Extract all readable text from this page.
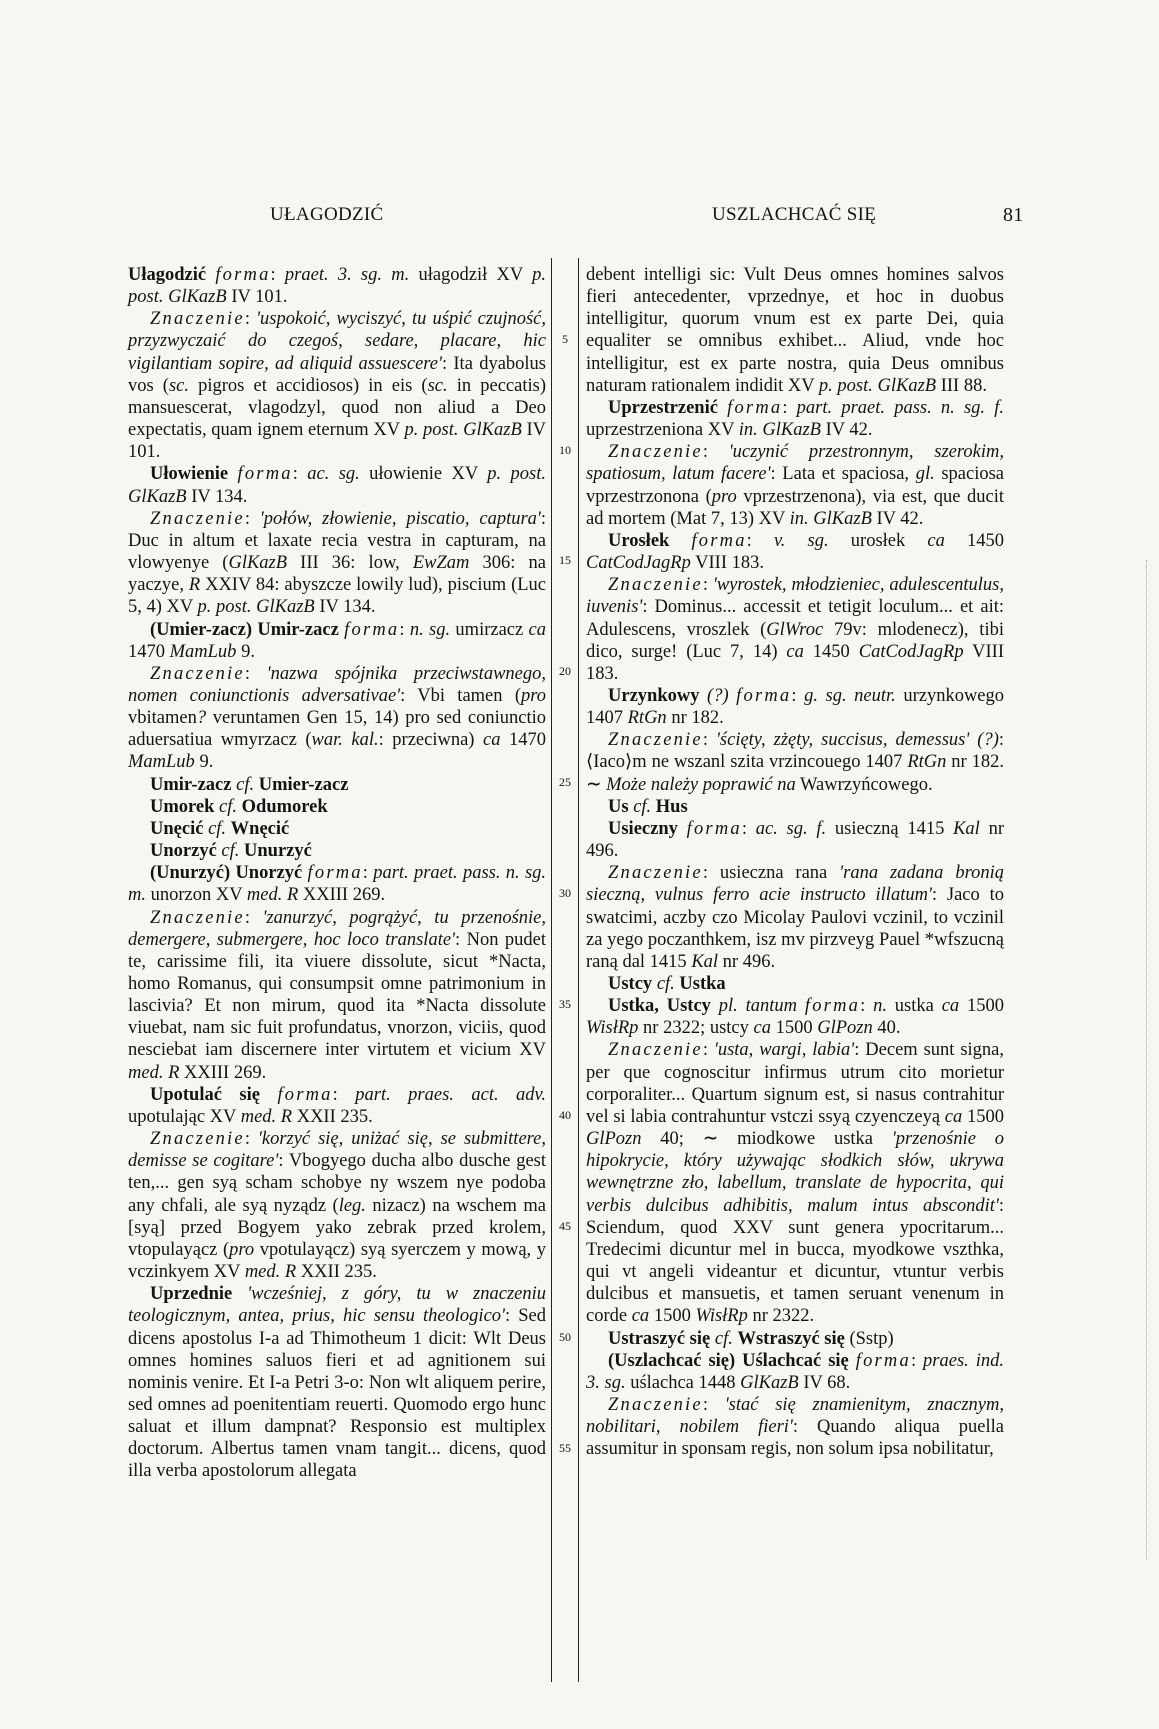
UŁAGODZIĆ	USZLACHCAĆ SIĘ	81
5
10
15
20
25
30
35
40
45
50
55

Ułagodzić forma: praet. 3. sg. m. ułagodził XV p. post. GlKazB IV 101.

Znaczenie: 'uspokoić, wyciszyć, tu uśpić czujność, przyzwyczaić do czegoś, sedare, placare, hic vigilantiam sopire, ad aliquid assuescere': Ita dyabolus vos (sc. pigros et accidiosos) in eis (sc. in peccatis) mansuescerat, vlagodzyl, quod non aliud a Deo expectatis, quam ignem eternum XV p. post. GlKazB IV 101.

Ułowienie forma: ac. sg. ułowienie XV p. post. GlKazB IV 134.

Znaczenie: 'połów, złowienie, piscatio, captura': Duc in altum et laxate recia vestra in capturam, na vlowyenye (GlKazB III 36: low, EwZam 306: na yaczye, R XXIV 84: abyszcze lowily lud), piscium (Luc 5, 4) XV p. post. GlKazB IV 134.

(Umier-zacz) Umir-zacz forma: n. sg. umirzacz ca 1470 MamLub 9.

Znaczenie: 'nazwa spójnika przeciwstawnego, nomen coniunctionis adversativae': Vbi tamen (pro vbitamen? veruntamen Gen 15, 14) pro sed coniunctio aduersatiua wmyrzacz (war. kal.: przeciwna) ca 1470 MamLub 9.

Umir-zacz cf. Umier-zacz

Umorek cf. Odumorek

Unęcić cf. Wnęcić

Unorzyć cf. Unurzyć

(Unurzyć) Unorzyć forma: part. praet. pass. n. sg. m. unorzon XV med. R XXIII 269.

Znaczenie: 'zanurzyć, pogrążyć, tu przenośnie, demergere, submergere, hoc loco translate': Non pudet te, carissime fili, ita viuere dissolute, sicut *Nacta, homo Romanus, qui consumpsit omne patrimonium in lascivia? Et non mirum, quod ita *Nacta dissolute viuebat, nam sic fuit profundatus, vnorzon, viciis, quod nesciebat iam discernere inter virtutem et vicium XV med. R XXIII 269.

Upotulać się forma: part. praes. act. adv. upotulając XV med. R XXII 235.

Znaczenie: 'korzyć się, uniżać się, se submittere, demisse se cogitare': Vbogyego ducha albo dusche gest ten,... gen syą scham schobye ny wszem nye podoba any chfali, ale syą nyządz (leg. nizacz) na wschem ma [syą] przed Bogyem yako zebrak przed krolem, vtopulayącz (pro vpotulayącz) syą syerczem y mową, y vczinkyem XV med. R XXII 235.

Uprzednie 'wcześniej, z góry, tu w znaczeniu teologicznym, antea, prius, hic sensu theologico': Sed dicens apostolus I-a ad Thimotheum 1 dicit: Wlt Deus omnes homines saluos fieri et ad agnitionem sui nominis venire. Et I-a Petri 3-o: Non wlt aliquem perire, sed omnes ad poenitentiam reuerti. Quomodo ergo hunc saluat et illum dampnat? Responsio est multiplex doctorum. Albertus tamen vnam tangit... dicens, quod illa verba apostolorum allegata

debent intelligi sic: Vult Deus omnes homines salvos fieri antecedenter, vprzednye, et hoc in duobus intelligitur, quorum vnum est ex parte Dei, quia equaliter se omnibus exhibet... Aliud, vnde hoc intelligitur, est ex parte nostra, quia Deus omnibus naturam rationalem indidit XV p. post. GlKazB III 88.

Uprzestrzenić forma: part. praet. pass. n. sg. f. uprzestrzeniona XV in. GlKazB IV 42.

Znaczenie: 'uczynić przestronnym, szerokim, spatiosum, latum facere': Lata et spaciosa, gl. spaciosa vprzestrzonona (pro vprzestrzenona), via est, que ducit ad mortem (Mat 7, 13) XV in. GlKazB IV 42.

Urosłek forma: v. sg. urosłek ca 1450 CatCodJagRp VIII 183.

Znaczenie: 'wyrostek, młodzieniec, adulescentulus, iuvenis': Dominus... accessit et tetigit loculum... et ait: Adulescens, vroszlek (GlWroc 79v: mlodenecz), tibi dico, surge! (Luc 7, 14) ca 1450 CatCodJagRp VIII 183.

Urzynkowy (?) forma: g. sg. neutr. urzynkowego 1407 RtGn nr 182.

Znaczenie: 'ścięty, zżęty, succisus, demessus' (?): ⟨Iaco⟩m ne wszanl szita vrzincouego 1407 RtGn nr 182. ∼ Może należy poprawić na Wawrzyńcowego.

Us cf. Hus

Usieczny forma: ac. sg. f. usieczną 1415 Kal nr 496.

Znaczenie: usieczna rana 'rana zadana bronią sieczną, vulnus ferro acie instructo illatum': Jaco to swatcimi, aczby czo Micolay Paulovi vczinil, to vczinil za yego poczanthkem, isz mv pirzveyg Pauel *wfszucną raną dal 1415 Kal nr 496.

Ustcy cf. Ustka

Ustka, Ustcy pl. tantum forma: n. ustka ca 1500 WisłRp nr 2322; ustcy ca 1500 GlPozn 40.

Znaczenie: 'usta, wargi, labia': Decem sunt signa, per que cognoscitur infirmus utrum cito morietur corporaliter... Quartum signum est, si nasus contrahitur vel si labia contrahuntur vstczi ssyą czyenczeyą ca 1500 GlPozn 40; ∼ miodkowe ustka 'przenośnie o hipokrycie, który używając słodkich słów, ukrywa wewnętrzne zło, labellum, translate de hypocrita, qui verbis dulcibus adhibitis, malum intus abscondit': Sciendum, quod XXV sunt genera ypocritarum... Tredecimi dicuntur mel in bucca, myodkowe vszthka, qui vt angeli videantur et dicuntur, vtuntur verbis dulcibus et mansuetis, et tamen seruant venenum in corde ca 1500 WisłRp nr 2322.

Ustraszyć się cf. Wstraszyć się (Sstp)

(Uszlachcać się) Uślachcać się forma: praes. ind. 3. sg. uślachca 1448 GlKazB IV 68.

Znaczenie: 'stać się znamienitym, znacznym, nobilitari, nobilem fieri': Quando aliqua puella assumitur in sponsam regis, non solum ipsa nobilitatur,
